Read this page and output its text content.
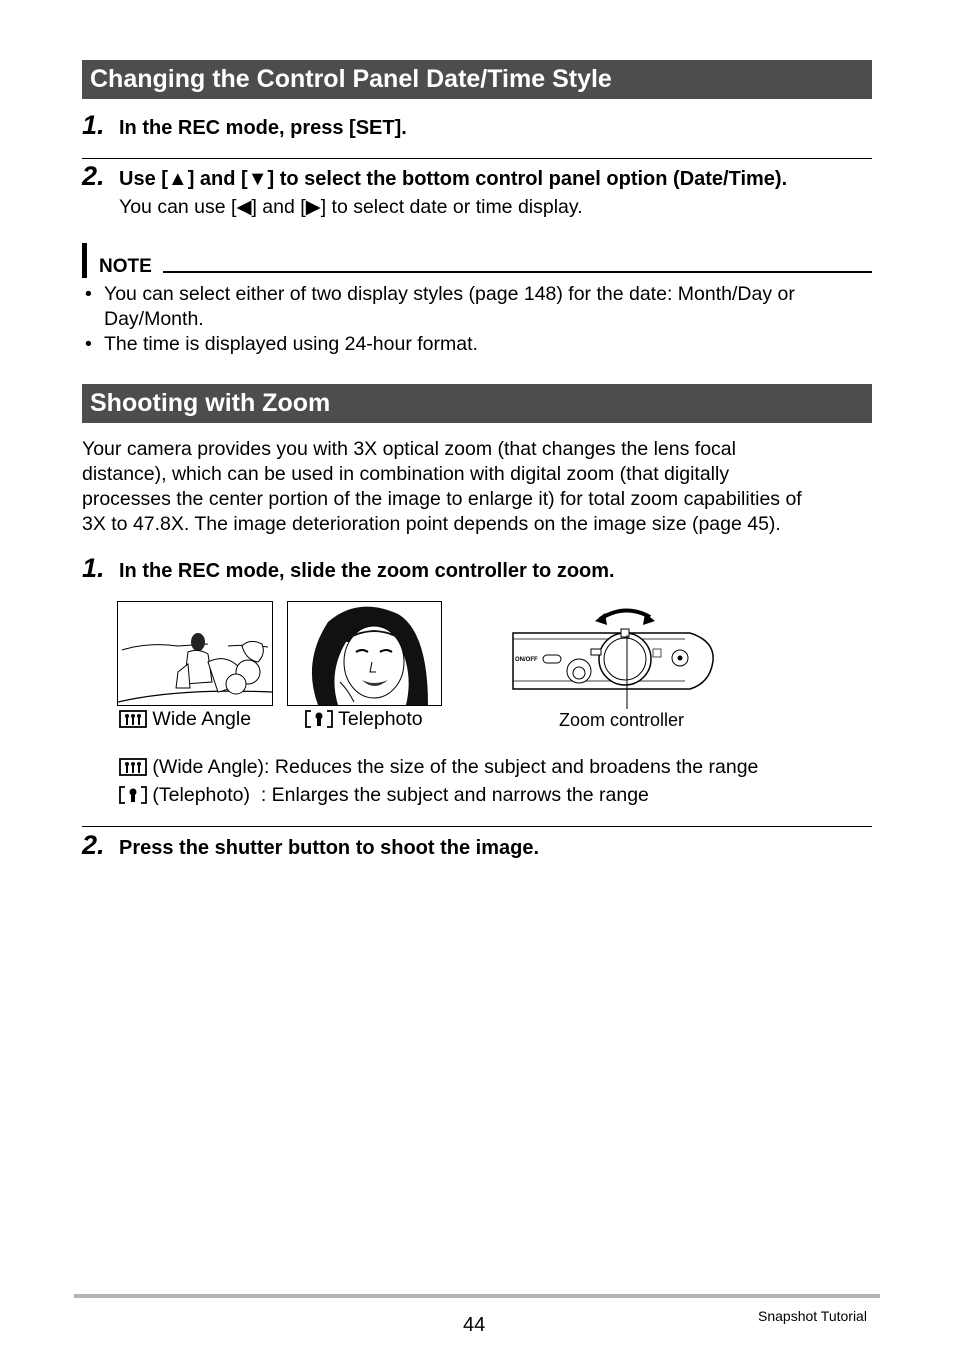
Changing the Control Panel Date/Time Style
1. In the REC mode, press [SET].
2. Use [▲] and [▼] to select the bottom control panel option (Date/Time).
You can use [◀] and [▶] to select date or time display.
NOTE
• You can select either of two display styles (page 148) for the date: Month/Day or
Day/Month.
• The time is displayed using 24-hour format.
Shooting with Zoom
Your camera provides you with 3X optical zoom (that changes the lens focal
distance), which can be used in combination with digital zoom (that digitally
processes the center portion of the image to enlarge it) for total zoom capabilities of
3X to 47.8X. The image deterioration point depends on the image size (page 45).
1. In the REC mode, slide the zoom controller to zoom.
ON/OFF
Wide Angle	Telephoto	Zoom controller
(Wide Angle): Reduces the size of the subject and broadens the range
(Telephoto) : Enlarges the subject and narrows the range
2. Press the shutter button to shoot the image.
44	Snapshot Tutorial
